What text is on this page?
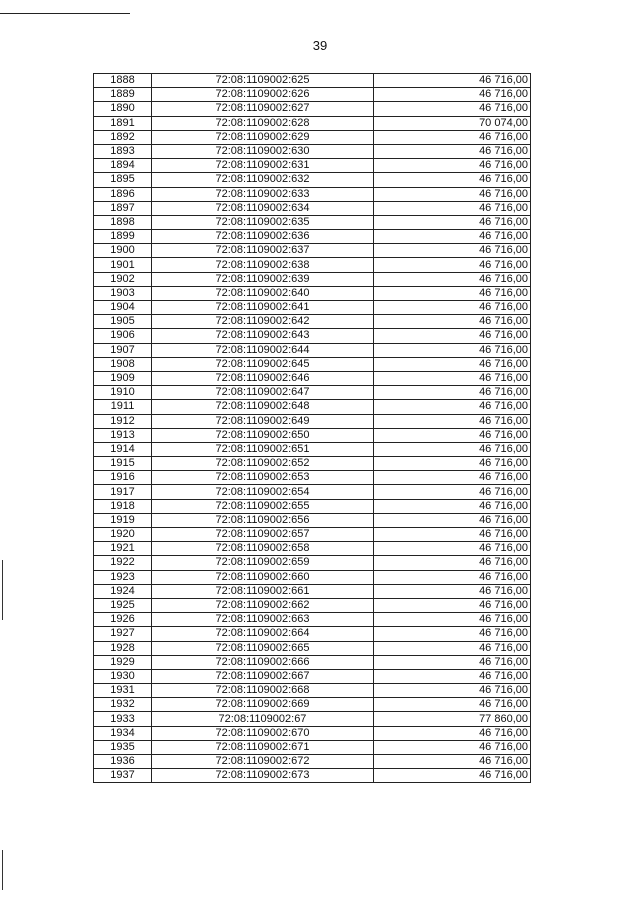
39
1888	72:08:1109002:625	46 716,00
1889	72:08:1109002:626	46 716,00
1890	72:08:1109002:627	46 716,00
1891	72:08:1109002:628	70 074,00
1892	72:08:1109002:629	46 716,00
1893	72:08:1109002:630	46 716,00
1894	72:08:1109002:631	46 716,00
1895	72:08:1109002:632	46 716,00
1896	72:08:1109002:633	46 716,00
1897	72:08:1109002:634	46 716,00
1898	72:08:1109002:635	46 716,00
1899	72:08:1109002:636	46 716,00
1900	72:08:1109002:637	46 716,00
1901	72:08:1109002:638	46 716,00
1902	72:08:1109002:639	46 716,00
1903	72:08:1109002:640	46 716,00
1904	72:08:1109002:641	46 716,00
1905	72:08:1109002:642	46 716,00
1906	72:08:1109002:643	46 716,00
1907	72:08:1109002:644	46 716,00
1908	72:08:1109002:645	46 716,00
1909	72:08:1109002:646	46 716,00
1910	72:08:1109002:647	46 716,00
1911	72:08:1109002:648	46 716,00
1912	72:08:1109002:649	46 716,00
1913	72:08:1109002:650	46 716,00
1914	72:08:1109002:651	46 716,00
1915	72:08:1109002:652	46 716,00
1916	72:08:1109002:653	46 716,00
1917	72:08:1109002:654	46 716,00
1918	72:08:1109002:655	46 716,00
1919	72:08:1109002:656	46 716,00
1920	72:08:1109002:657	46 716,00
1921	72:08:1109002:658	46 716,00
1922	72:08:1109002:659	46 716,00
1923	72:08:1109002:660	46 716,00
1924	72:08:1109002:661	46 716,00
1925	72:08:1109002:662	46 716,00
1926	72:08:1109002:663	46 716,00
1927	72:08:1109002:664	46 716,00
1928	72:08:1109002:665	46 716,00
1929	72:08:1109002:666	46 716,00
1930	72:08:1109002:667	46 716,00
1931	72:08:1109002:668	46 716,00
1932	72:08:1109002:669	46 716,00
1933	72:08:1109002:67	77 860,00
1934	72:08:1109002:670	46 716,00
1935	72:08:1109002:671	46 716,00
1936	72:08:1109002:672	46 716,00
1937	72:08:1109002:673	46 716,00
